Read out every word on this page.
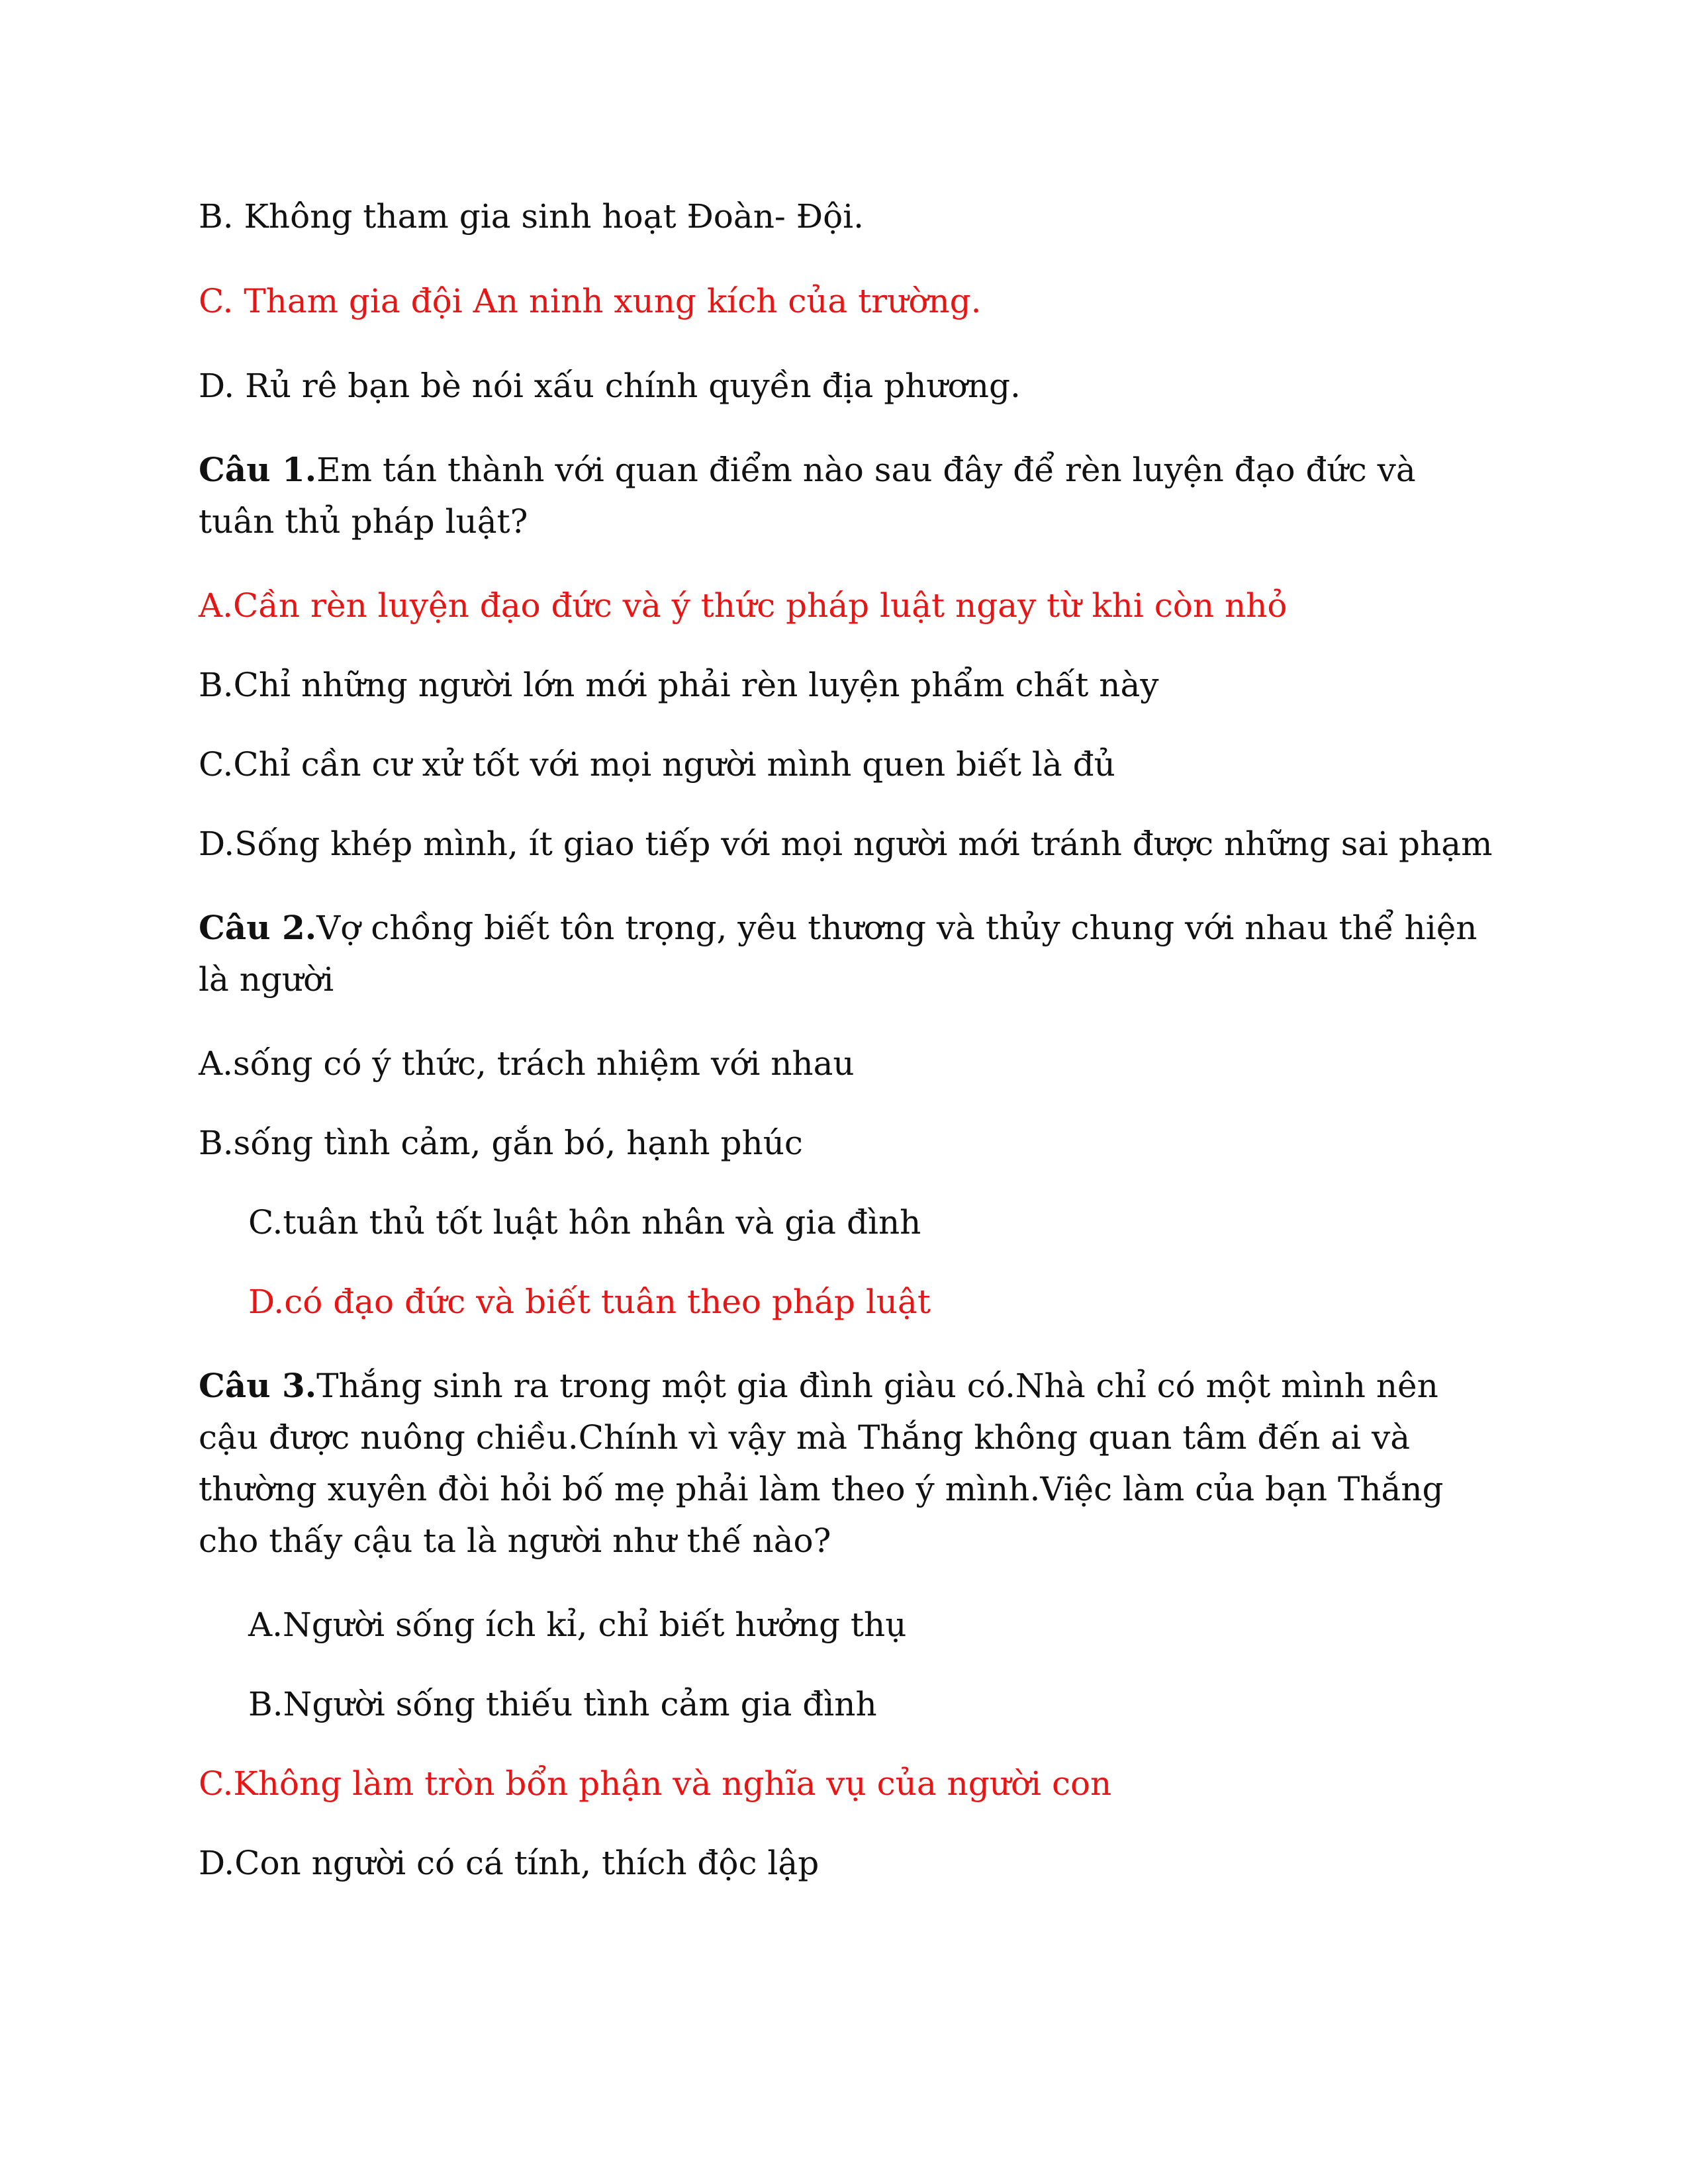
B. Không tham gia sinh hoạt Đoàn- Đội.

C. Tham gia đội An ninh xung kích của trường.

D. Rủ rê bạn bè nói xấu chính quyền địa phương.

Câu 1.Em tán thành với quan điểm nào sau đây để rèn luyện đạo đức và tuân thủ pháp luật?

A.Cần rèn luyện đạo đức và ý thức pháp luật ngay từ khi còn nhỏ

B.Chỉ những người lớn mới phải rèn luyện phẩm chất này

C.Chỉ cần cư xử tốt với mọi người mình quen biết là đủ

D.Sống khép mình, ít giao tiếp với mọi người mới tránh được những sai phạm

Câu 2.Vợ chồng biết tôn trọng, yêu thương và thủy chung với nhau thể hiện là người

A.sống có ý thức, trách nhiệm với nhau

B.sống tình cảm, gắn bó, hạnh phúc

C.tuân thủ tốt luật hôn nhân và gia đình

D.có đạo đức và biết tuân theo pháp luật

Câu 3.Thắng sinh ra trong một gia đình giàu có.Nhà chỉ có một mình nên cậu được nuông chiều.Chính vì vậy mà Thắng không quan tâm đến ai và thường xuyên đòi hỏi bố mẹ phải làm theo ý mình.Việc làm của bạn Thắng cho thấy cậu ta là người như thế nào?

A.Người sống ích kỉ, chỉ biết hưởng thụ

B.Người sống thiếu tình cảm gia đình

C.Không làm tròn bổn phận và nghĩa vụ của người con

D.Con người có cá tính, thích độc lập
